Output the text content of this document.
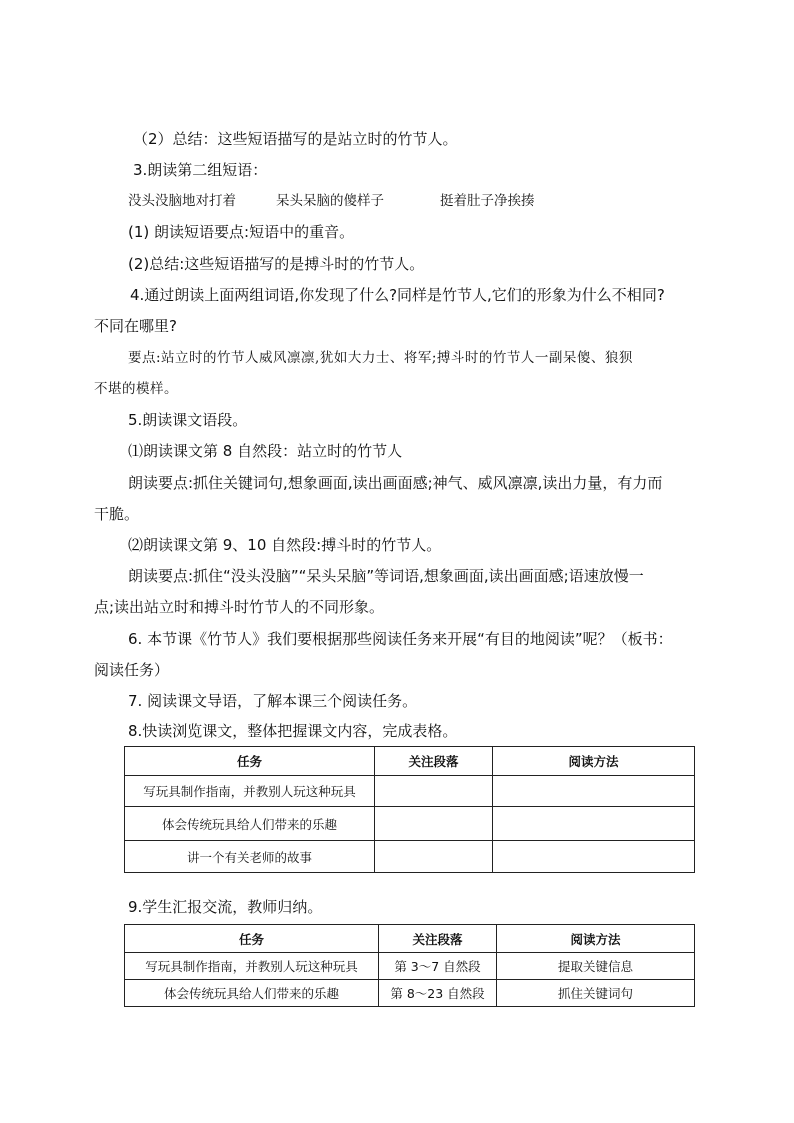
（2）总结：这些短语描写的是站立时的竹节人。
3.朗读第二组短语：
没头没脑地对打着	呆头呆脑的傻样子	挺着肚子净挨揍
(1) 朗读短语要点:短语中的重音。
(2)总结:这些短语描写的是搏斗时的竹节人。
4.通过朗读上面两组词语,你发现了什么?同样是竹节人,它们的形象为什么不相同?
不同在哪里?
要点:站立时的竹节人威风凛凛,犹如大力士、将军;搏斗时的竹节人一副呆傻、狼狈
不堪的模样。
5.朗读课文语段。
⑴朗读课文第 8 自然段：站立时的竹节人
朗读要点:抓住关键词句,想象画面,读出画面感;神气、威风凛凛,读出力量，有力而
干脆。
⑵朗读课文第 9、10 自然段:搏斗时的竹节人。
朗读要点:抓住“没头没脑”“呆头呆脑”等词语,想象画面,读出画面感;语速放慢一
点;读出站立时和搏斗时竹节人的不同形象。
6. 本节课《竹节人》我们要根据那些阅读任务来开展“有目的地阅读”呢？（板书：
阅读任务）
7. 阅读课文导语，了解本课三个阅读任务。
8.快读浏览课文，整体把握课文内容，完成表格。
任务	关注段落	阅读方法
写玩具制作指南，并教别人玩这种玩具		
体会传统玩具给人们带来的乐趣		
讲一个有关老师的故事		
9.学生汇报交流，教师归纳。
任务	关注段落	阅读方法
写玩具制作指南，并教别人玩这种玩具	第 3～7 自然段	提取关键信息
体会传统玩具给人们带来的乐趣	第 8～23 自然段	抓住关键词句
